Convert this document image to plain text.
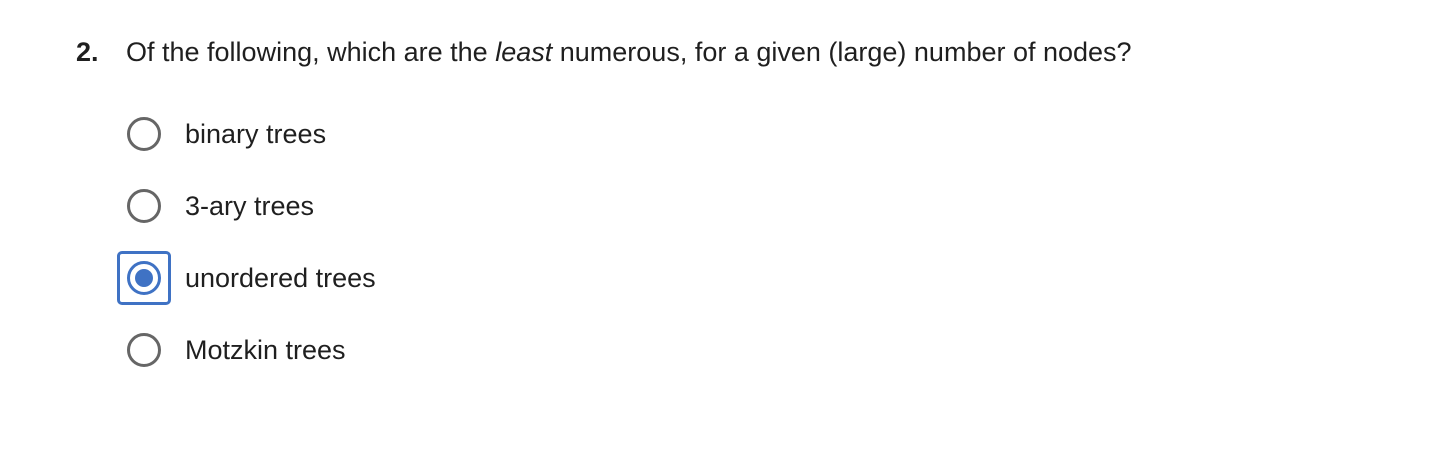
2.	Of the following, which are the least numerous, for a given (large) number of nodes?
binary trees
3-ary trees
unordered trees
Motzkin trees
